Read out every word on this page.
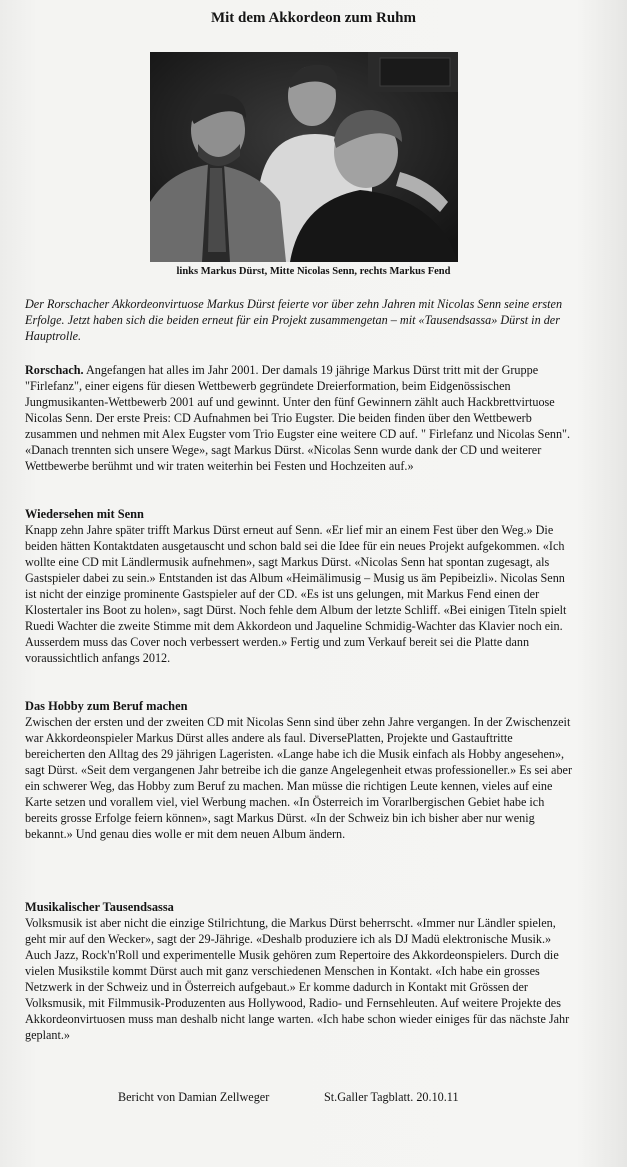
Mit dem Akkordeon zum Ruhm
links Markus Dürst, Mitte Nicolas Senn, rechts Markus Fend

Der Rorschacher Akkordeonvirtuose Markus Dürst feierte vor über zehn Jahren mit Nicolas Senn seine ersten Erfolge. Jetzt haben sich die beiden erneut für ein Projekt zusammengetan – mit «Tausendsassa» Dürst in der Hauptrolle.

Rorschach. Angefangen hat alles im Jahr 2001. Der damals 19 jährige Markus Dürst tritt mit der Gruppe "Firlefanz", einer eigens für diesen Wettbewerb gegründete Dreierformation, beim Eidgenössischen Jungmusikanten-Wettbewerb 2001 auf und gewinnt. Unter den fünf Gewinnern zählt auch Hackbrettvirtuose Nicolas Senn. Der erste Preis: CD Aufnahmen bei Trio Eugster. Die beiden finden über den Wettbewerb zusammen und nehmen mit Alex Eugster vom Trio Eugster eine weitere CD auf. " Firlefanz und Nicolas Senn". «Danach trennten sich unsere Wege», sagt Markus Dürst. «Nicolas Senn wurde dank der CD und weiterer Wettbewerbe berühmt und wir traten weiterhin bei Festen und Hochzeiten auf.»

Wiedersehen mit Senn

Knapp zehn Jahre später trifft Markus Dürst erneut auf Senn. «Er lief mir an einem Fest über den Weg.» Die beiden hätten Kontaktdaten ausgetauscht und schon bald sei die Idee für ein neues Projekt aufgekommen. «Ich wollte eine CD mit Ländlermusik aufnehmen», sagt Markus Dürst. «Nicolas Senn hat spontan zugesagt, als Gastspieler dabei zu sein.» Entstanden ist das Album «Heimälimusig – Musig us äm Pepibeizli». Nicolas Senn ist nicht der einzige prominente Gastspieler auf der CD. «Es ist uns gelungen, mit Markus Fend einen der Klostertaler ins Boot zu holen», sagt Dürst. Noch fehle dem Album der letzte Schliff. «Bei einigen Titeln spielt Ruedi Wachter die zweite Stimme mit dem Akkordeon und Jaqueline Schmidig-Wachter das Klavier noch ein. Ausserdem muss das Cover noch verbessert werden.» Fertig und zum Verkauf bereit sei die Platte dann voraussichtlich anfangs 2012.

Das Hobby zum Beruf machen

Zwischen der ersten und der zweiten CD mit Nicolas Senn sind über zehn Jahre vergangen. In der Zwischenzeit war Akkordeonspieler Markus Dürst alles andere als faul. DiversePlatten, Projekte und Gastauftritte bereicherten den Alltag des 29 jährigen Lageristen. «Lange habe ich die Musik einfach als Hobby angesehen», sagt Dürst. «Seit dem vergangenen Jahr betreibe ich die ganze Angelegenheit etwas professioneller.» Es sei aber ein schwerer Weg, das Hobby zum Beruf zu machen. Man müsse die richtigen Leute kennen, vieles auf eine Karte setzen und vorallem viel, viel Werbung machen. «In Österreich im Vorarlbergischen Gebiet habe ich bereits grosse Erfolge feiern können», sagt Markus Dürst. «In der Schweiz bin ich bisher aber nur wenig bekannt.» Und genau dies wolle er mit dem neuen Album ändern.

Musikalischer Tausendsassa

Volksmusik ist aber nicht die einzige Stilrichtung, die Markus Dürst beherrscht. «Immer nur Ländler spielen, geht mir auf den Wecker», sagt der 29-Jährige. «Deshalb produziere ich als DJ Madü elektronische Musik.» Auch Jazz, Rock'n'Roll und experimentelle Musik gehören zum Repertoire des Akkordeonspielers. Durch die vielen Musikstile kommt Dürst auch mit ganz verschiedenen Menschen in Kontakt. «Ich habe ein grosses Netzwerk in der Schweiz und in Österreich aufgebaut.» Er komme dadurch in Kontakt mit Grössen der Volksmusik, mit Filmmusik-Produzenten aus Hollywood, Radio- und Fernsehleuten. Auf weitere Projekte des Akkordeonvirtuosen muss man deshalb nicht lange warten. «Ich habe schon wieder einiges für das nächste Jahr geplant.»

Bericht von Damian Zellweger	St.Galler Tagblatt. 20.10.11
